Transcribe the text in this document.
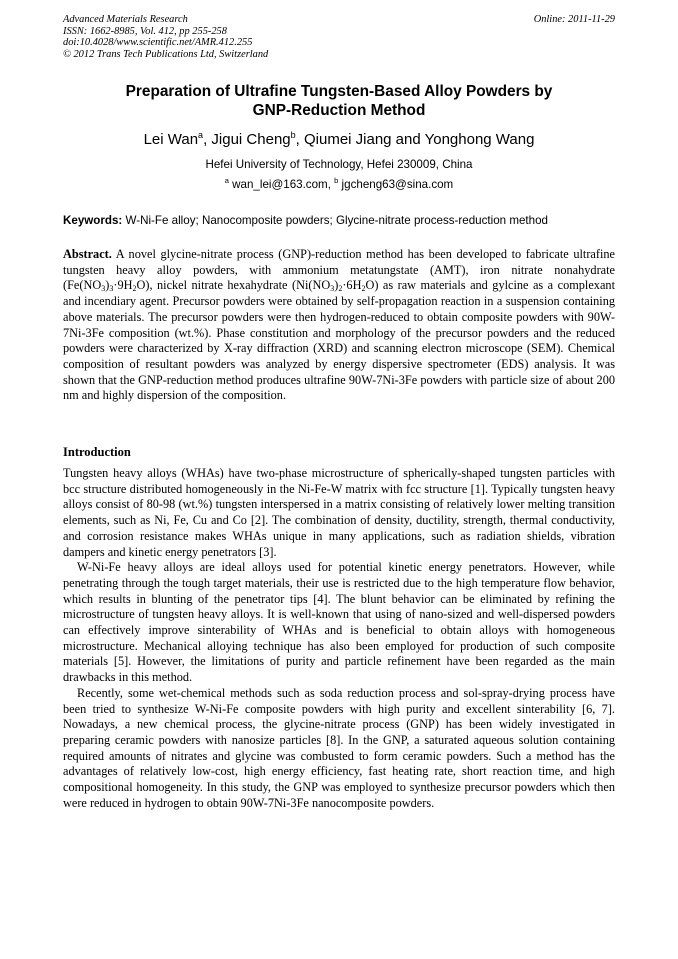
Advanced Materials Research
ISSN: 1662-8985, Vol. 412, pp 255-258
doi:10.4028/www.scientific.net/AMR.412.255
© 2012 Trans Tech Publications Ltd, Switzerland
Online: 2011-11-29
Preparation of Ultrafine Tungsten-Based Alloy Powders by
GNP-Reduction Method
Lei Wan$^a$, Jigui Cheng$^b$, Qiumei Jiang and Yonghong Wang
Hefei University of Technology, Hefei 230009, China
$^a$ wan_lei@163.com, $^b$ jgcheng63@sina.com
Keywords: W-Ni-Fe alloy; Nanocomposite powders; Glycine-nitrate process-reduction method
Abstract. A novel glycine-nitrate process (GNP)-reduction method has been developed to fabricate ultrafine tungsten heavy alloy powders, with ammonium metatungstate (AMT), iron nitrate nonahydrate $(Fe(NO_3)_3\cdot 9H_2O)$, nickel nitrate hexahydrate $(Ni(NO_3)_2\cdot 6H_2O)$ as raw materials and gylcine as a complexant and incendiary agent. Precursor powders were obtained by self-propagation reaction in a suspension containing above materials. The precursor powders were then hydrogen-reduced to obtain composite powders with 90W-7Ni-3Fe composition (wt.%). Phase constitution and morphology of the precursor powders and the reduced powders were characterized by X-ray diffraction (XRD) and scanning electron microscope (SEM). Chemical composition of resultant powders was analyzed by energy dispersive spectrometer (EDS) analysis. It was shown that the GNP-reduction method produces ultrafine 90W-7Ni-3Fe powders with particle size of about 200 nm and highly dispersion of the composition.
Introduction

Tungsten heavy alloys (WHAs) have two-phase microstructure of spherically-shaped tungsten particles with bcc structure distributed homogeneously in the Ni-Fe-W matrix with fcc structure [1]. Typically tungsten heavy alloys consist of 80-98 (wt.%) tungsten interspersed in a matrix consisting of relatively lower melting transition elements, such as Ni, Fe, Cu and Co [2]. The combination of density, ductility, strength, thermal conductivity, and corrosion resistance makes WHAs unique in many applications, such as radiation shields, vibration dampers and kinetic energy penetrators [3].

W-Ni-Fe heavy alloys are ideal alloys used for potential kinetic energy penetrators. However, while penetrating through the tough target materials, their use is restricted due to the high temperature flow behavior, which results in blunting of the penetrator tips [4]. The blunt behavior can be eliminated by refining the microstructure of tungsten heavy alloys. It is well-known that using of nano-sized and well-dispersed powders can effectively improve sinterability of WHAs and is beneficial to obtain alloys with homogeneous microstructure. Mechanical alloying technique has also been employed for production of such composite materials [5]. However, the limitations of purity and particle refinement have been regarded as the main drawbacks in this method.

Recently, some wet-chemical methods such as soda reduction process and sol-spray-drying process have been tried to synthesize W-Ni-Fe composite powders with high purity and excellent sinterability [6, 7]. Nowadays, a new chemical process, the glycine-nitrate process (GNP) has been widely investigated in preparing ceramic powders with nanosize particles [8]. In the GNP, a saturated aqueous solution containing required amounts of nitrates and glycine was combusted to form ceramic powders. Such a method has the advantages of relatively low-cost, high energy efficiency, fast heating rate, short reaction time, and high compositional homogeneity. In this study, the GNP was employed to synthesize precursor powders which then were reduced in hydrogen to obtain 90W-7Ni-3Fe nanocomposite powders.
